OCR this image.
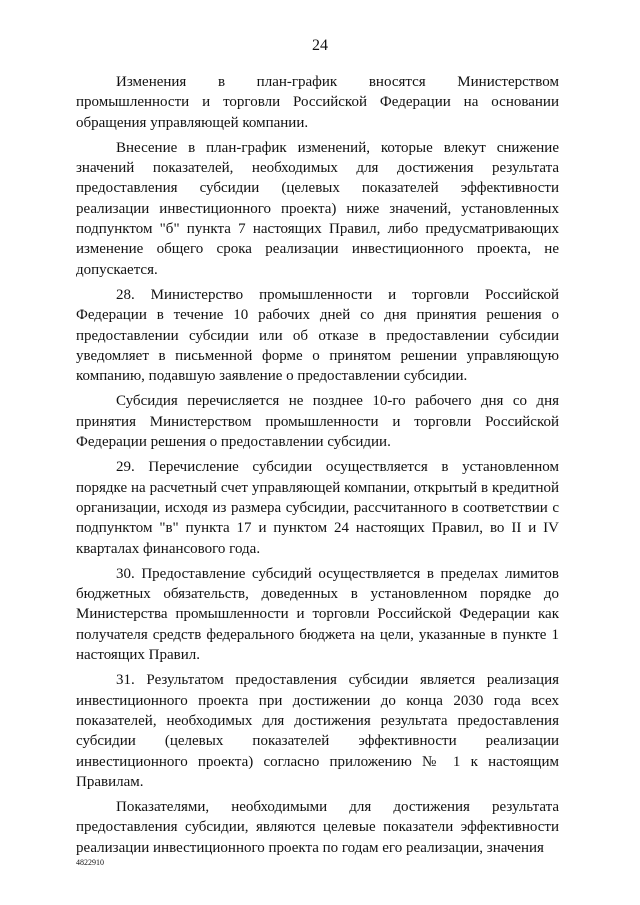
24

Изменения в план-график вносятся Министерством промышленности и торговли Российской Федерации на основании обращения управляющей компании.

Внесение в план-график изменений, которые влекут снижение значений показателей, необходимых для достижения результата предоставления субсидии (целевых показателей эффективности реализации инвестиционного проекта) ниже значений, установленных подпунктом "б" пункта 7 настоящих Правил, либо предусматривающих изменение общего срока реализации инвестиционного проекта, не допускается.

28. Министерство промышленности и торговли Российской Федерации в течение 10 рабочих дней со дня принятия решения о предоставлении субсидии или об отказе в предоставлении субсидии уведомляет в письменной форме о принятом решении управляющую компанию, подавшую заявление о предоставлении субсидии.

Субсидия перечисляется не позднее 10-го рабочего дня со дня принятия Министерством промышленности и торговли Российской Федерации решения о предоставлении субсидии.

29. Перечисление субсидии осуществляется в установленном порядке на расчетный счет управляющей компании, открытый в кредитной организации, исходя из размера субсидии, рассчитанного в соответствии с подпунктом "в" пункта 17 и пунктом 24 настоящих Правил, во II и IV кварталах финансового года.

30. Предоставление субсидий осуществляется в пределах лимитов бюджетных обязательств, доведенных в установленном порядке до Министерства промышленности и торговли Российской Федерации как получателя средств федерального бюджета на цели, указанные в пункте 1 настоящих Правил.

31. Результатом предоставления субсидии является реализация инвестиционного проекта при достижении до конца 2030 года всех показателей, необходимых для достижения результата предоставления субсидии (целевых показателей эффективности реализации инвестиционного проекта) согласно приложению № 1 к настоящим Правилам.

Показателями, необходимыми для достижения результата предоставления субсидии, являются целевые показатели эффективности реализации инвестиционного проекта по годам его реализации, значения

4822910
